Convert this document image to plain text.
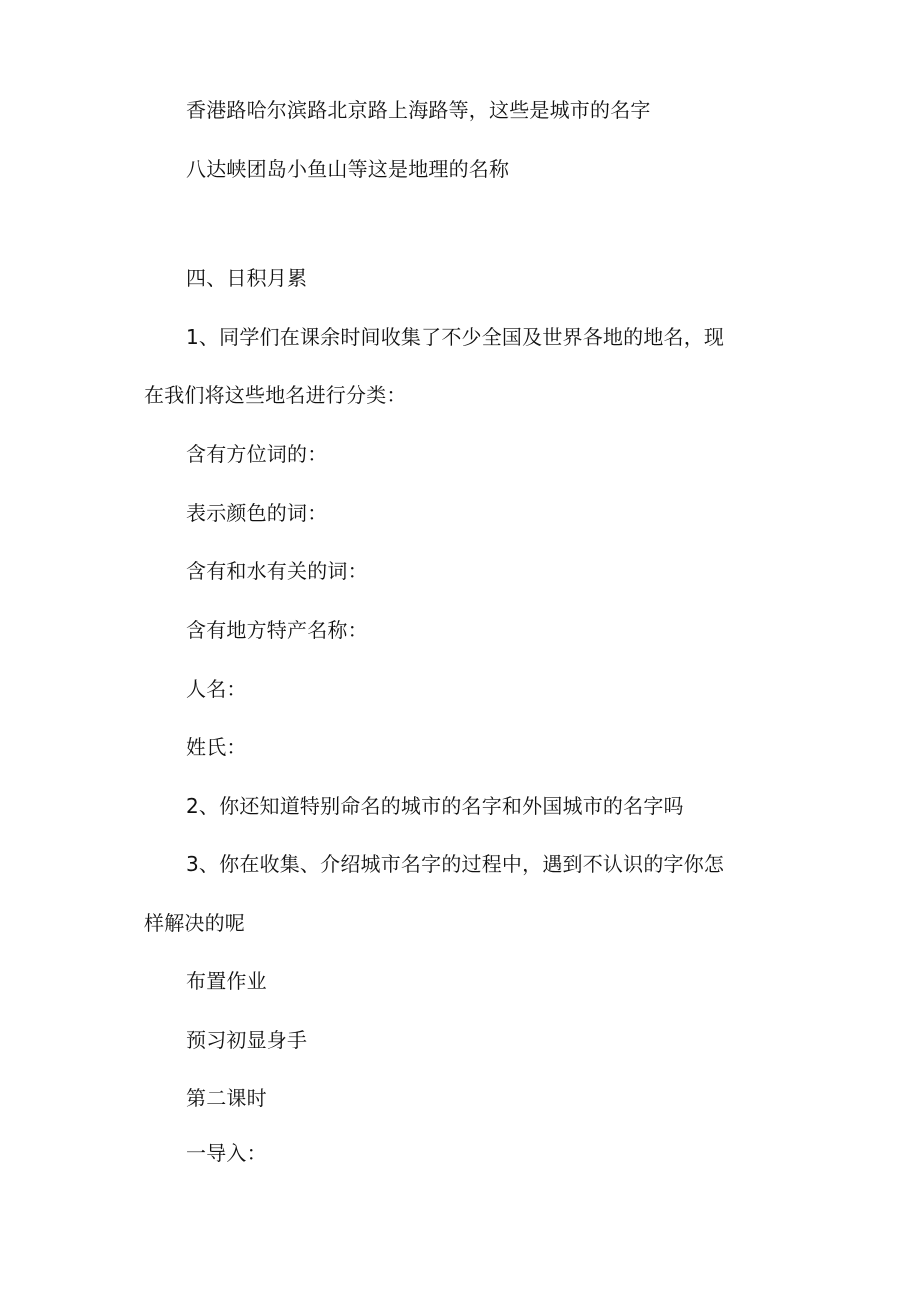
香港路哈尔滨路北京路上海路等，这些是城市的名字
八达峡团岛小鱼山等这是地理的名称
四、日积月累
1、同学们在课余时间收集了不少全国及世界各地的地名，现
在我们将这些地名进行分类：
含有方位词的：
表示颜色的词：
含有和水有关的词：
含有地方特产名称：
人名：
姓氏：
2、你还知道特别命名的城市的名字和外国城市的名字吗
3、你在收集、介绍城市名字的过程中，遇到不认识的字你怎
样解决的呢
布置作业
预习初显身手
第二课时
一导入：
